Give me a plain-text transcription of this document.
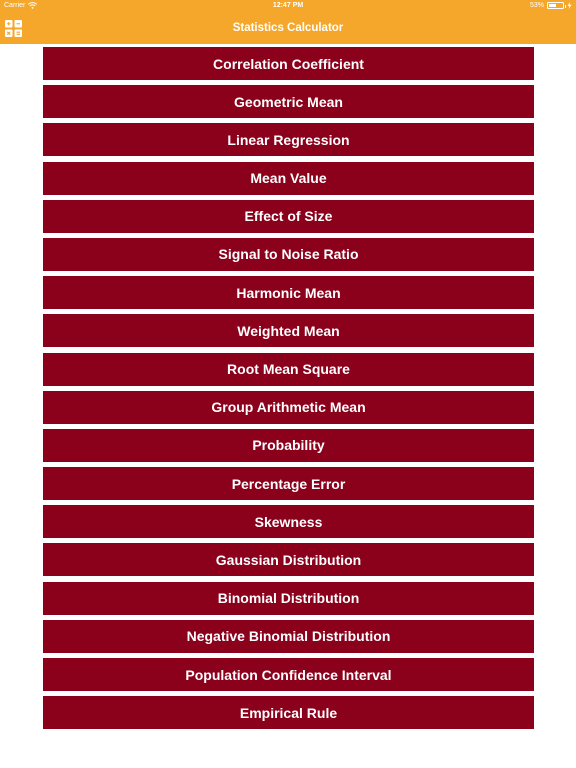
Carrier	12:47 PM	53%
Statistics Calculator
Correlation Coefficient
Geometric Mean
Linear Regression
Mean Value
Effect of Size
Signal to Noise Ratio
Harmonic Mean
Weighted Mean
Root Mean Square
Group Arithmetic Mean
Probability
Percentage Error
Skewness
Gaussian Distribution
Binomial Distribution
Negative Binomial Distribution
Population Confidence Interval
Empirical Rule
